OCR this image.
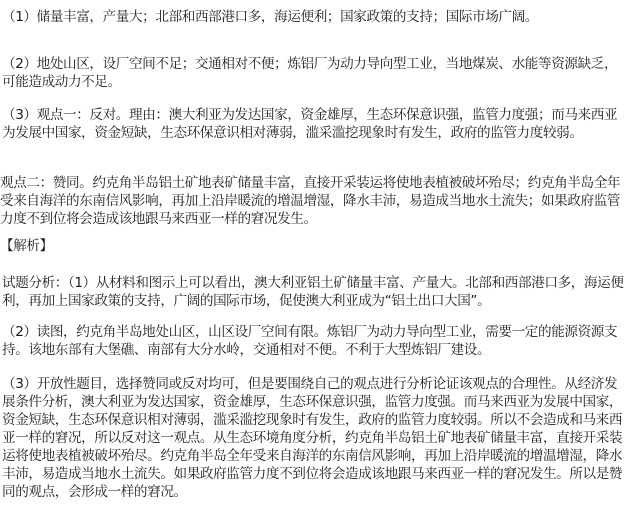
（1）储量丰富，产量大；北部和西部港口多，海运便利；国家政策的支持；国际市场广阔。

（2）地处山区，设厂空间不足；交通相对不便；炼铝厂为动力导向型工业，当地煤炭、水能等资源缺乏，可能造成动力不足。

（3）观点一：反对。理由：澳大利亚为发达国家，资金雄厚，生态环保意识强，监管力度强；而马来西亚为发展中国家，资金短缺，生态环保意识相对薄弱，滥采滥挖现象时有发生，政府的监管力度较弱。

观点二：赞同。约克角半岛铝土矿地表矿储量丰富，直接开采装运将使地表植被破坏殆尽；约克角半岛全年受来自海洋的东南信风影响，再加上沿岸暖流的增温增湿，降水丰沛，易造成当地水土流失；如果政府监管力度不到位将会造成该地跟马来西亚一样的窘况发生。

【解析】

试题分析：（1）从材料和图示上可以看出，澳大利亚铝土矿储量丰富、产量大。北部和西部港口多，海运便利，再加上国家政策的支持，广阔的国际市场，促使澳大利亚成为“铝土出口大国”。

（2）读图，约克角半岛地处山区，山区设厂空间有限。炼铝厂为动力导向型工业，需要一定的能源资源支持。该地东部有大堡礁、南部有大分水岭，交通相对不便。不利于大型炼铝厂建设。

（3）开放性题目，选择赞同或反对均可，但是要围绕自己的观点进行分析论证该观点的合理性。从经济发展条件分析，澳大利亚为发达国家，资金雄厚，生态环保意识强，监管力度强。而马来西亚为发展中国家，资金短缺，生态环保意识相对薄弱，滥采滥挖现象时有发生，政府的监管力度较弱。所以不会造成和马来西亚一样的窘况，所以反对这一观点。从生态环境角度分析，约克角半岛铝土矿地表矿储量丰富，直接开采装运将使地表植被破坏殆尽。约克角半岛全年受来自海洋的东南信风影响，再加上沿岸暖流的增温增湿，降水丰沛，易造成当地水土流失。如果政府监管力度不到位将会造成该地跟马来西亚一样的窘况发生。所以是赞同的观点，会形成一样的窘况。
